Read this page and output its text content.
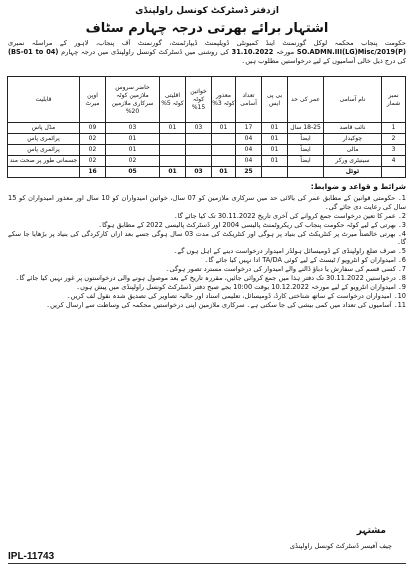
ازدفتر ڈسٹرکٹ کونسل راولپنڈی
اشتہار برائے بھرتی درجہ چہارم سٹاف
حکومت پنجاب محکمہ لوکل گورنمنٹ اینڈ کمیونٹی ڈویلپمنٹ ڈیپارٹمنٹ، گورنمنٹ آف پنجاب، لاہور کے مراسلہ نمبری SO.ADMN.III(LG)Misc/2019(P) مورخہ 31.10.2022 کی روشنی میں ڈسٹرکٹ کونسل راولپنڈی میں درجہ چہارم (BS-01 to 04) کی درج ذیل خالی آسامیوں کے لیے درخواستیں مطلوب ہیں۔
نمبر شمار	نام آسامی	عمر کی حد	بی پی ایس	تعداد آسامی	معذور کوٹہ 3%	خواتین کوٹہ 15%	اقلیتی کوٹہ 5%	حاضر سروس ملازمین کوٹہ سرکاری ملازمین 20%	اوپن میرٹ	قابلیت
1	نائب قاصد	18-25 سال	01	17	01	03	01	03	09	مڈل پاس
2	چوکیدار	ایضاً	01	04				01	02	پرائمری پاس
3	مالی	ایضاً	01	04				01	02	پرائمری پاس
4	سینیٹری ورکر	ایضاً	01	04				02	02	جسمانی طور پر صحت مند
	ٹوٹل			25	01	03	01	05	16	
شرائط و قواعد و ضوابط:
1۔ حکومتی قوانین کے مطابق عمر کی بالائی حد میں سرکاری ملازمین کو 07 سال، خواتین امیدواران کو 10 سال اور معذور امیدواران کو 15 سال کی رعایت دی جائے گی۔
2۔ عمر کا تعین درخواست جمع کروانے کی آخری تاریخ 30.11.2022 تک کیا جائے گا۔
3۔ بھرتی کے لیے کوٹہ حکومت پنجاب کی ریکروٹمنٹ پالیسی 2004 اور ڈسٹرکٹ پالیسی 2022 کے مطابق ہوگا۔
4۔ بھرتی خالصتاً میرٹ پر کنٹریکٹ کی بنیاد پر ہوگی اور کنٹریکٹ کی مدت 03 سال ہوگی جسے بعد ازاں کارکردگی کی بنیاد پر بڑھایا جا سکے گا۔
5۔ صرف ضلع راولپنڈی کے ڈومیسائل ہولڈر امیدوار درخواست دینے کے اہل ہوں گے۔
6۔ امیدواران کو انٹرویو / ٹیسٹ کے لیے کوئی TA/DA ادا نہیں کیا جائے گا۔
7۔ کسی قسم کی سفارش یا دباؤ ڈالنے والے امیدوار کی درخواست مسترد تصور ہوگی۔
8۔ درخواستیں 30.11.2022 تک دفتر ہذا میں جمع کروائی جائیں، مقررہ تاریخ کے بعد موصول ہونے والی درخواستوں پر غور نہیں کیا جائے گا۔
9۔ امیدواران انٹرویو کے لیے مورخہ 10.12.2022 بوقت 10:00 بجے صبح دفتر ڈسٹرکٹ کونسل راولپنڈی میں پیش ہوں۔
10۔ امیدواران درخواست کے ساتھ شناختی کارڈ، ڈومیسائل، تعلیمی اسناد اور حالیہ تصاویر کی تصدیق شدہ نقول لف کریں۔
11۔ آسامیوں کی تعداد میں کمی بیشی کی جا سکتی ہے۔ سرکاری ملازمین اپنی درخواستیں محکمہ کی وساطت سے ارسال کریں۔
مشتہر
چیف آفیسر ڈسٹرکٹ کونسل راولپنڈی
IPL-11743
